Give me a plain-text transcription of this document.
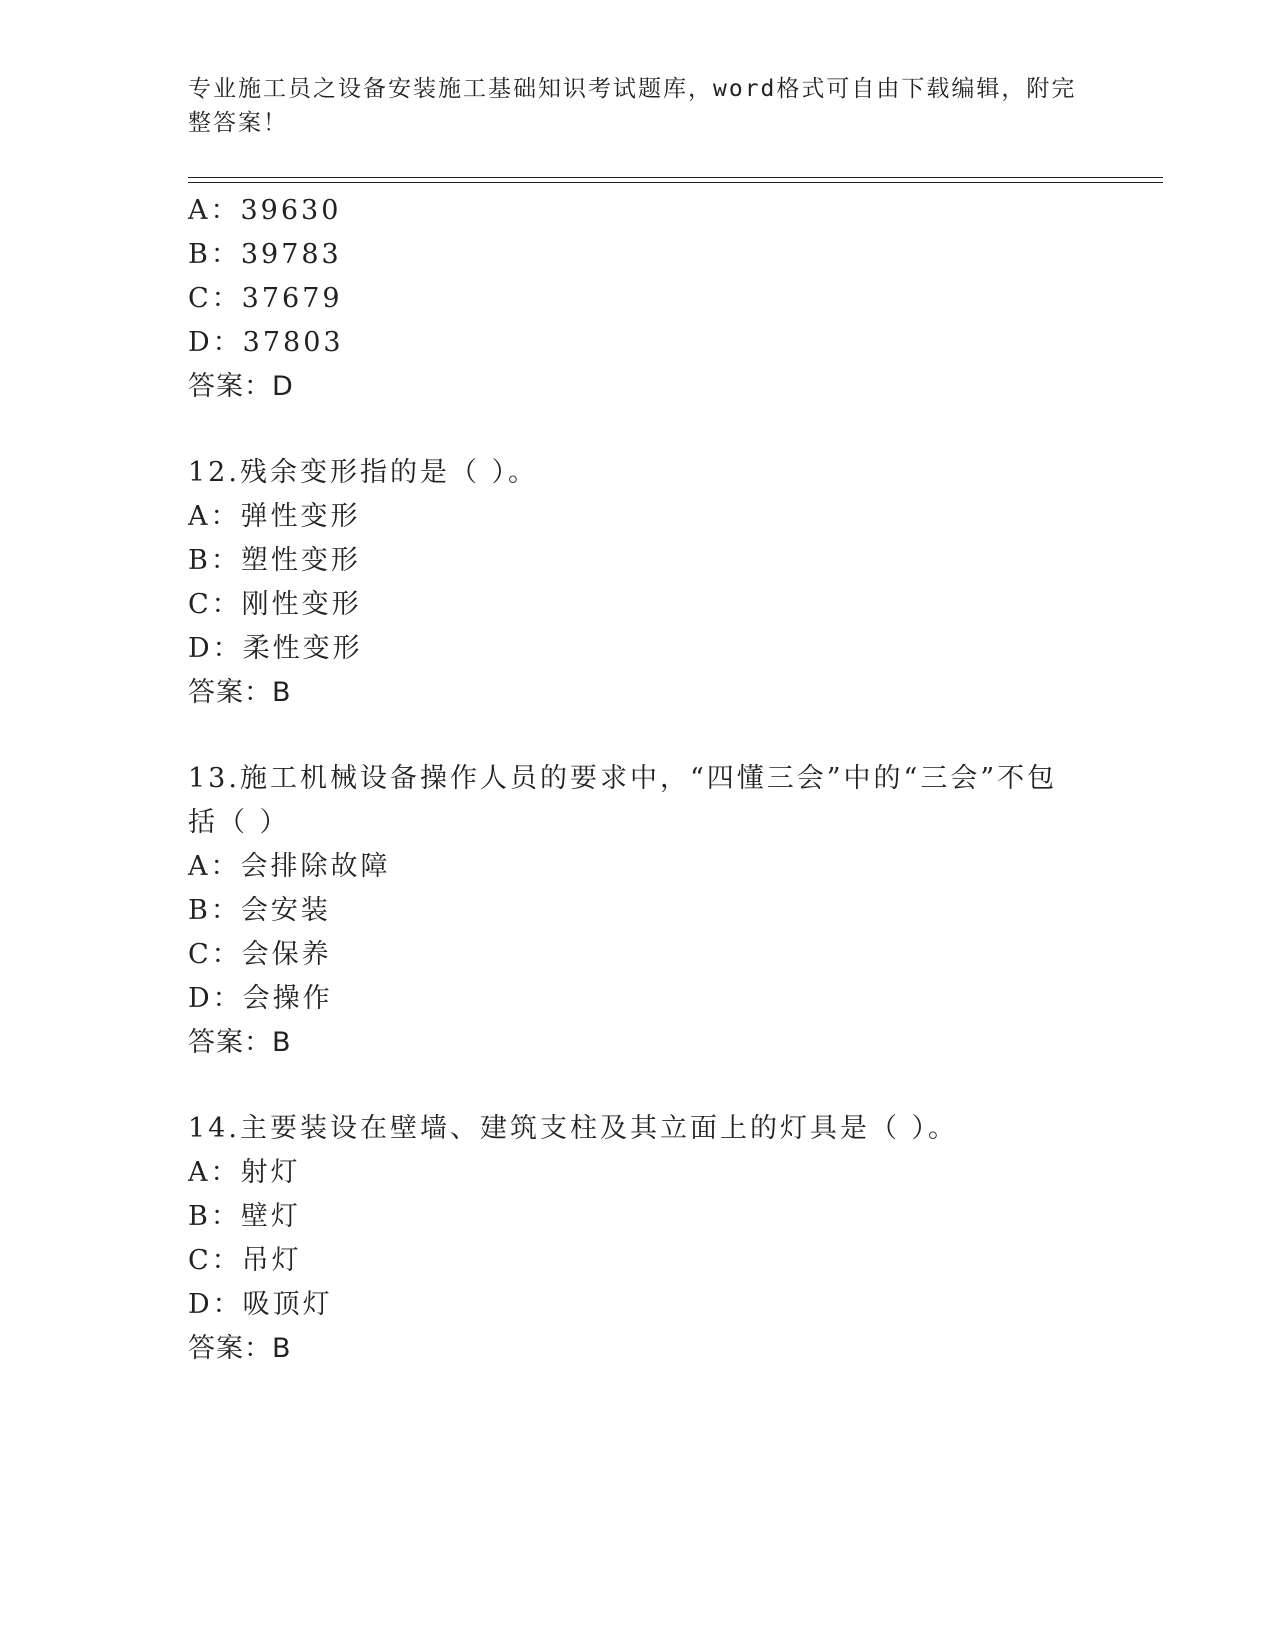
专业施工员之设备安装施工基础知识考试题库，word格式可自由下载编辑，附完
整答案！
A：39630
B：39783
C：37679
D：37803
答案：D
12.残余变形指的是（ ）。
A：弹性变形
B：塑性变形
C：刚性变形
D：柔性变形
答案：B
13.施工机械设备操作人员的要求中，“四懂三会”中的“三会”不包
括（ ）
A：会排除故障
B：会安装
C：会保养
D：会操作
答案：B
14.主要装设在壁墙、建筑支柱及其立面上的灯具是（ ）。
A：射灯
B：壁灯
C：吊灯
D：吸顶灯
答案：B
